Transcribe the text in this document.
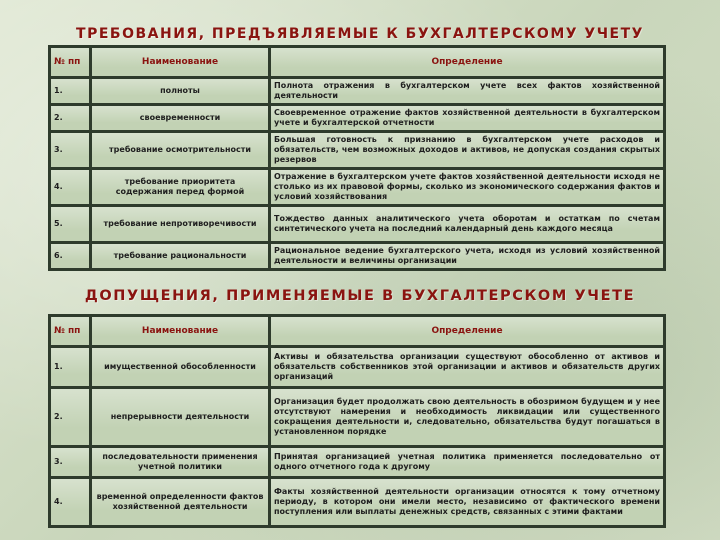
ТРЕБОВАНИЯ, ПРЕДЪЯВЛЯЕМЫЕ К БУХГАЛТЕРСКОМУ УЧЕТУ
№ пп	Наименование	Определение
1.	полноты	Полнота отражения в бухгалтерском учете всех фактов хозяйственной деятельности
2.	своевременности	Своевременное отражение фактов хозяйственной деятельности в бухгалтерском учете и бухгалтерской отчетности
3.	требование осмотрительности	Большая готовность к признанию в бухгалтерском учете расходов и обязательств, чем возможных доходов и активов, не допуская создания скрытых резервов
4.	требование приоритета содержания перед формой	Отражение в бухгалтерском учете фактов хозяйственной деятельности исходя не столько из их правовой формы, сколько из экономического содержания фактов и условий хозяйствования
5.	требование непротиворечивости	Тождество данных аналитического учета оборотам и остаткам по счетам синтетического учета на последний календарный день каждого месяца
6.	требование рациональности	Рациональное ведение бухгалтерского учета, исходя из условий хозяйственной деятельности и величины организации
ДОПУЩЕНИЯ, ПРИМЕНЯЕМЫЕ В БУХГАЛТЕРСКОМ УЧЕТЕ
№ пп	Наименование	Определение
1.	имущественной обособленности	Активы и обязательства организации существуют обособленно от активов и обязательств собственников этой организации и активов и обязательств других организаций
2.	непрерывности деятельности	Организация будет продолжать свою деятельность в обозримом будущем и у нее отсутствуют намерения и необходимость ликвидации или существенного сокращения деятельности и, следовательно, обязательства будут погашаться в установленном порядке
3.	последовательности применения учетной политики	Принятая организацией учетная политика применяется последовательно от одного отчетного года к другому
4.	временной определенности фактов хозяйственной деятельности	Факты хозяйственной деятельности организации относятся к тому отчетному периоду, в котором они имели место, независимо от фактического времени поступления или выплаты денежных средств, связанных с этими фактами
